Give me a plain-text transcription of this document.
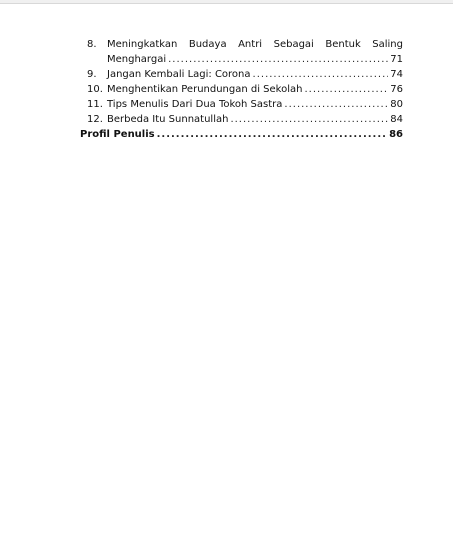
8. Meningkatkan Budaya Antri Sebagai Bentuk Saling
Menghargai .....	71
9. Jangan Kembali Lagi: Corona .....	74
10. Menghentikan Perundungan di Sekolah .....	76
11. Tips Menulis Dari Dua Tokoh Sastra .....	80
12. Berbeda Itu Sunnatullah .....	84
Profil Penulis .....	86
